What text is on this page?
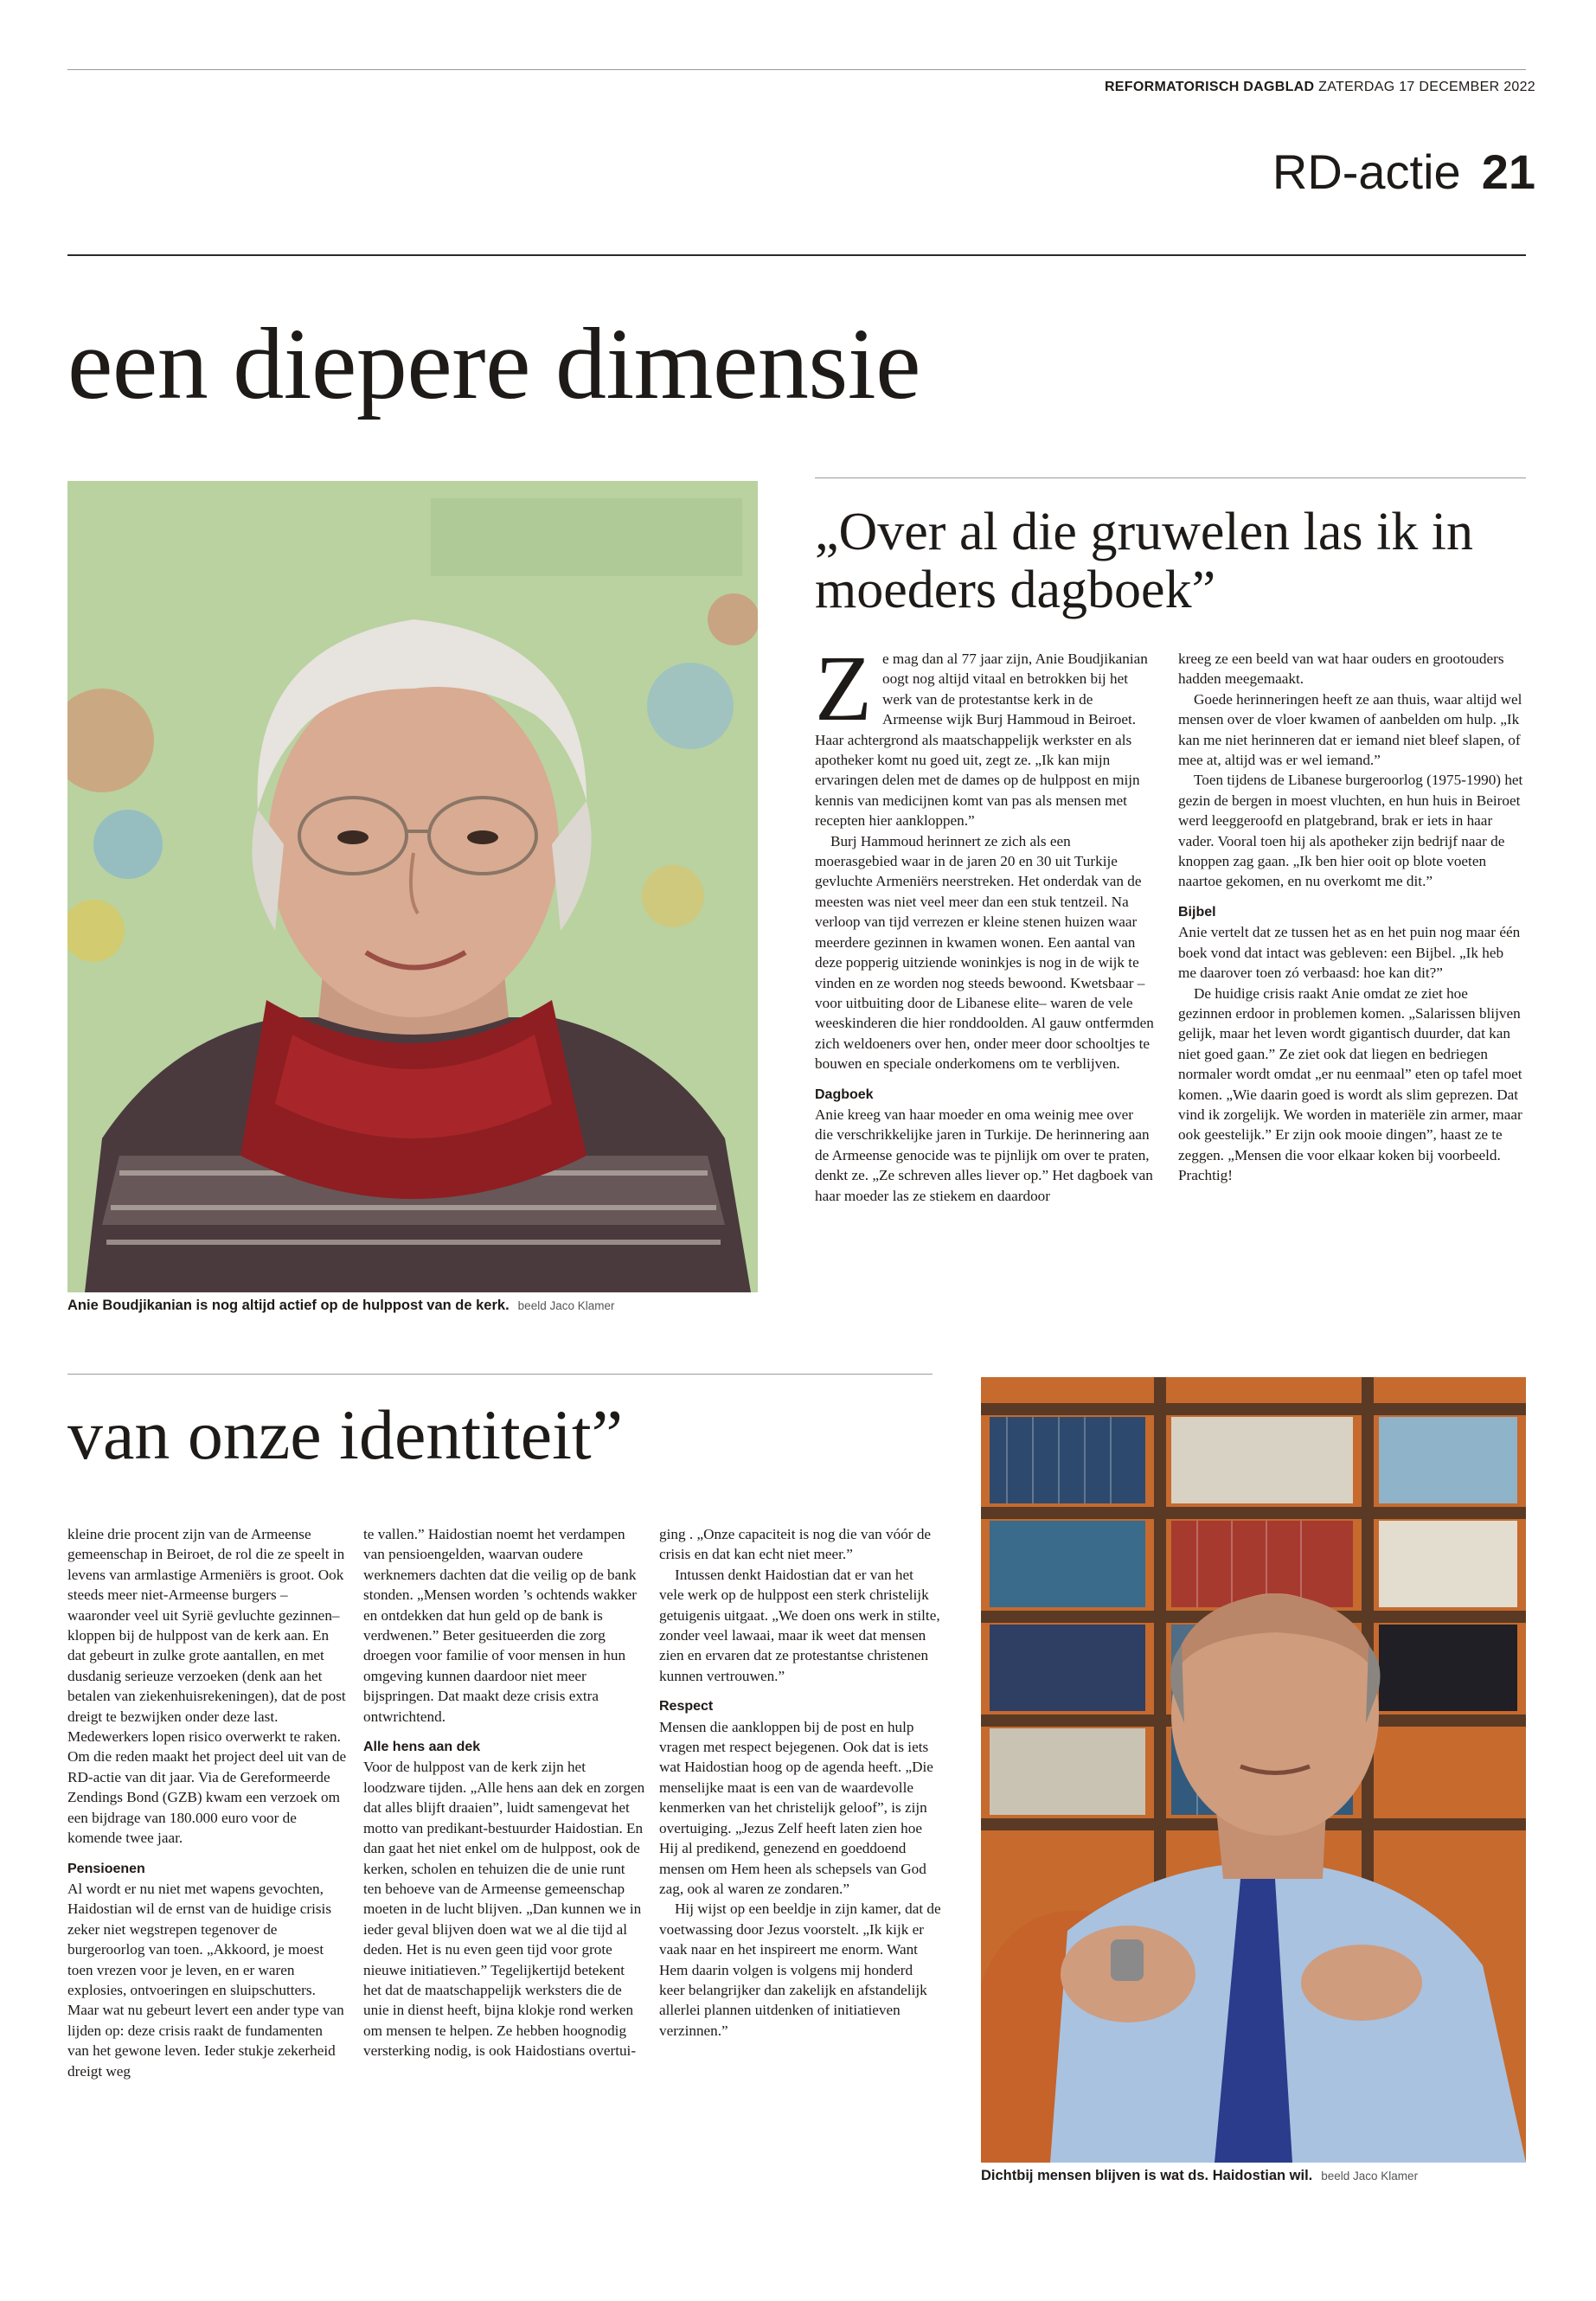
REFORMATORISCH DAGBLAD ZATERDAG 17 DECEMBER 2022
RD-actie 21
een diepere dimensie
Anie Boudjikanian is nog altijd actief op de hulppost van de kerk. beeld Jaco Klamer
„Over al die gruwelen las ik in moeders dagboek”
Z e mag dan al 77 jaar zijn, Anie Boudjikanian oogt nog altijd vitaal en betrokken bij het werk van de protestantse kerk in de Armeense wijk Burj Hammoud in Beiroet. Haar achtergrond als maatschappelijk werkster en als apotheker komt nu goed uit, zegt ze. „Ik kan mijn ervaringen delen met de dames op de hulppost en mijn kennis van medicijnen komt van pas als mensen met recepten hier aankloppen.”

Burj Hammoud herinnert ze zich als een moerasgebied waar in de jaren 20 en 30 uit Turkije gevluchte Armeniërs neerstreken. Het onderdak van de meesten was niet veel meer dan een stuk tentzeil. Na verloop van tijd verrezen er kleine stenen huizen waar meerdere gezinnen in kwamen wonen. Een aantal van deze popperig uitziende woninkjes is nog in de wijk te vinden en ze worden nog steeds bewoond. Kwetsbaar –voor uitbuiting door de Libanese elite– waren de vele weeskinderen die hier ronddoolden. Al gauw ontfermden zich weldoeners over hen, onder meer door schooltjes te bouwen en speciale onderkomens om te verblijven.

Dagboek

Anie kreeg van haar moeder en oma weinig mee over die verschrikkelijke jaren in Turkije. De herinnering aan de Armeense genocide was te pijnlijk om over te praten, denkt ze. „Ze schreven alles liever op.” Het dagboek van haar moeder las ze stiekem en daardoor

kreeg ze een beeld van wat haar ouders en grootouders hadden meegemaakt.

Goede herinneringen heeft ze aan thuis, waar altijd wel mensen over de vloer kwamen of aanbelden om hulp. „Ik kan me niet herinneren dat er iemand niet bleef slapen, of mee at, altijd was er wel iemand.”

Toen tijdens de Libanese burgeroorlog (1975-1990) het gezin de bergen in moest vluchten, en hun huis in Beiroet werd leeggeroofd en platgebrand, brak er iets in haar vader. Vooral toen hij als apotheker zijn bedrijf naar de knoppen zag gaan. „Ik ben hier ooit op blote voeten naartoe gekomen, en nu overkomt me dit.”

Bijbel

Anie vertelt dat ze tussen het as en het puin nog maar één boek vond dat intact was gebleven: een Bijbel. „Ik heb me daarover toen zó verbaasd: hoe kan dit?”

De huidige crisis raakt Anie omdat ze ziet hoe gezinnen erdoor in problemen komen. „Salarissen blijven gelijk, maar het leven wordt gigantisch duurder, dat kan niet goed gaan.” Ze ziet ook dat liegen en bedriegen normaler wordt omdat „er nu eenmaal” eten op tafel moet komen. „Wie daarin goed is wordt als slim geprezen. Dat vind ik zorgelijk. We worden in materiële zin armer, maar ook geestelijk.” Er zijn ook mooie dingen”, haast ze te zeggen. „Mensen die voor elkaar koken bij voorbeeld. Prachtig!

van onze identiteit”

kleine drie procent zijn van de Armeense gemeenschap in Beiroet, de rol die ze speelt in levens van armlastige Armeniërs is groot. Ook steeds meer niet-Armeense burgers –waaronder veel uit Syrië gevluchte gezinnen– kloppen bij de hulppost van de kerk aan. En dat gebeurt in zulke grote aantallen, en met dusdanig serieuze verzoeken (denk aan het betalen van ziekenhuisrekeningen), dat de post dreigt te bezwijken onder deze last. Medewerkers lopen risico overwerkt te raken. Om die reden maakt het project deel uit van de RD-actie van dit jaar. Via de Gereformeerde Zendings Bond (GZB) kwam een verzoek om een bijdrage van 180.000 euro voor de komende twee jaar.

Pensioenen

Al wordt er nu niet met wapens gevochten, Haidostian wil de ernst van de huidige crisis zeker niet wegstrepen tegenover de burgeroorlog van toen. „Akkoord, je moest toen vrezen voor je leven, en er waren explosies, ontvoeringen en sluipschutters. Maar wat nu gebeurt levert een ander type van lijden op: deze crisis raakt de fundamenten van het gewone leven. Ieder stukje zekerheid dreigt weg

te vallen.” Haidostian noemt het verdampen van pensioengelden, waarvan oudere werknemers dachten dat die veilig op de bank stonden. „Mensen worden ’s ochtends wakker en ontdekken dat hun geld op de bank is verdwenen.” Beter gesitueerden die zorg droegen voor familie of voor mensen in hun omgeving kunnen daardoor niet meer bijspringen. Dat maakt deze crisis extra ontwrichtend.

Alle hens aan dek

Voor de hulppost van de kerk zijn het loodzware tijden. „Alle hens aan dek en zorgen dat alles blijft draaien”, luidt samengevat het motto van predikant-bestuurder Haidostian. En dan gaat het niet enkel om de hulppost, ook de kerken, scholen en tehuizen die de unie runt ten behoeve van de Armeense gemeenschap moeten in de lucht blijven. „Dan kunnen we in ieder geval blijven doen wat we al die tijd al deden. Het is nu even geen tijd voor grote nieuwe initiatieven.” Tegelijkertijd betekent het dat de maatschappelijk werksters die de unie in dienst heeft, bijna klokje rond werken om mensen te helpen. Ze hebben hoognodig versterking nodig, is ook Haidostians overtui-

ging . „Onze capaciteit is nog die van vóór de crisis en dat kan echt niet meer.”

Intussen denkt Haidostian dat er van het vele werk op de hulppost een sterk christelijk getuigenis uitgaat. „We doen ons werk in stilte, zonder veel lawaai, maar ik weet dat mensen zien en ervaren dat ze protestantse christenen kunnen vertrouwen.”

Respect

Mensen die aankloppen bij de post en hulp vragen met respect bejegenen. Ook dat is iets wat Haidostian hoog op de agenda heeft. „Die menselijke maat is een van de waardevolle kenmerken van het christelijk geloof”, is zijn overtuiging. „Jezus Zelf heeft laten zien hoe Hij al predikend, genezend en goeddoend mensen om Hem heen als schepsels van God zag, ook al waren ze zondaren.”

Hij wijst op een beeldje in zijn kamer, dat de voetwassing door Jezus voorstelt. „Ik kijk er vaak naar en het inspireert me enorm. Want Hem daarin volgen is volgens mij honderd keer belangrijker dan zakelijk en afstandelijk allerlei plannen uitdenken of initiatieven verzinnen.”

Dichtbij mensen blijven is wat ds. Haidostian wil. beeld Jaco Klamer
